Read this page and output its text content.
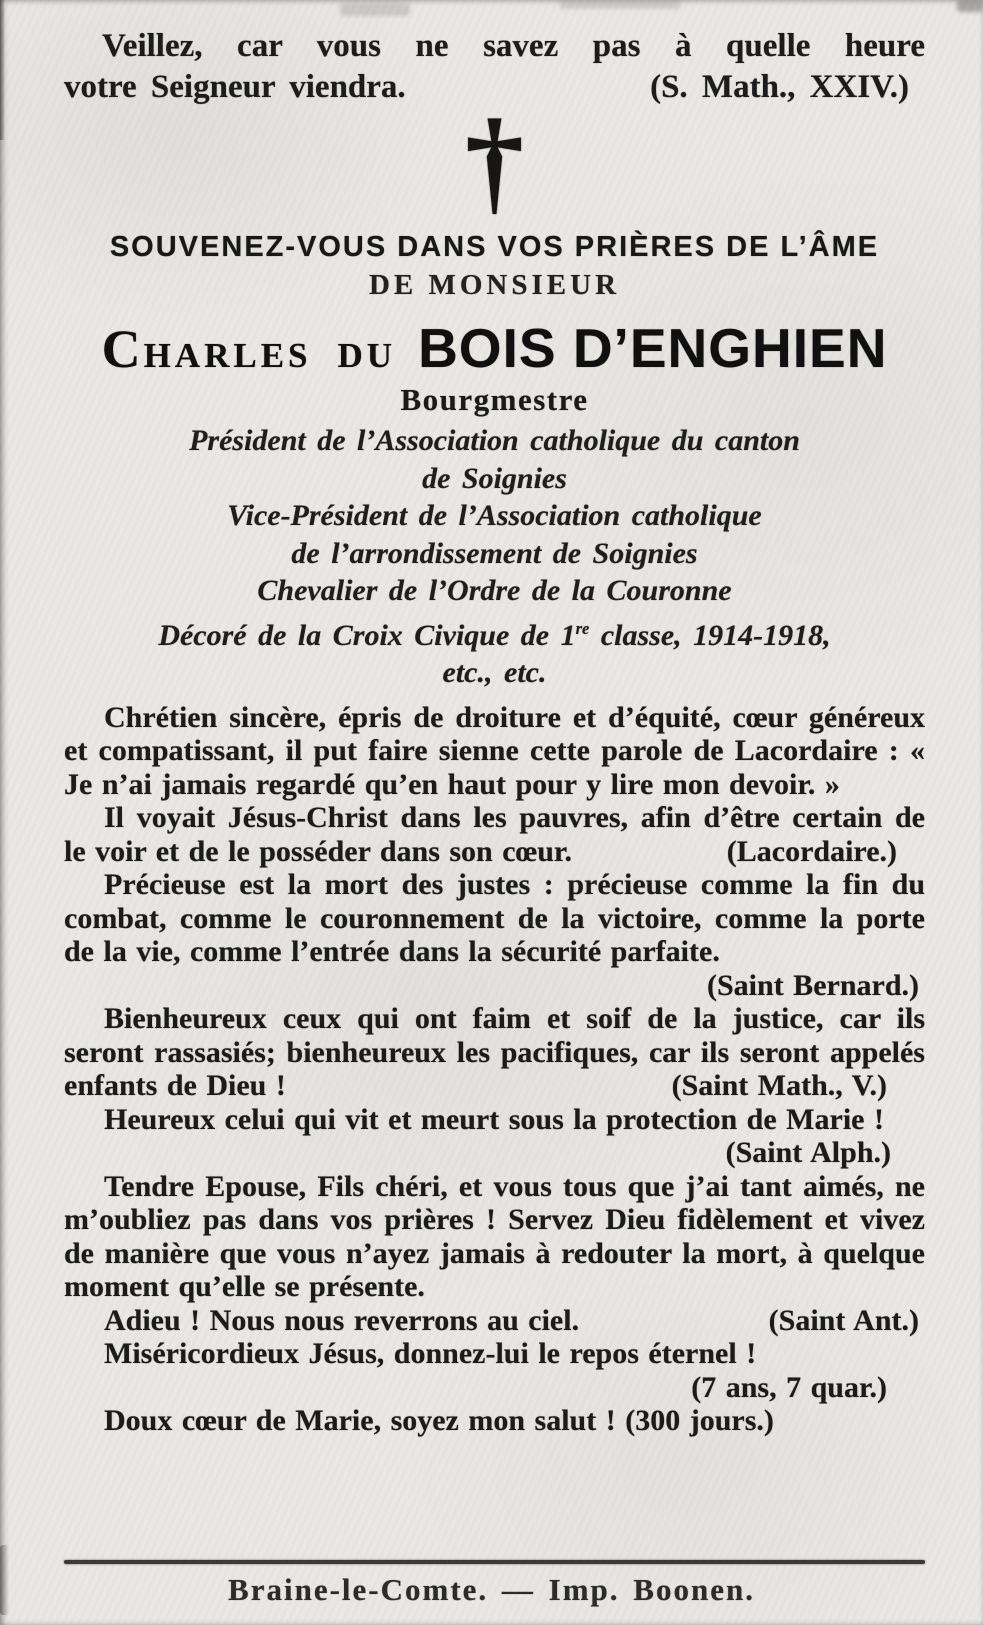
Veillez, car vous ne savez pas à quelle heure
votre Seigneur viendra.	(S. Math., XXIV.)
†
SOUVENEZ-VOUS DANS VOS PRIÈRES DE L’ÂME
DE MONSIEUR
C HARLES DU BOIS D’ENGHIEN
Bourgmestre
Président de l’Association catholique du canton
de Soignies
Vice-Président de l’Association catholique
de l’arrondissement de Soignies
Chevalier de l’Ordre de la Couronne
Décoré de la Croix Civique de 1re classe, 1914-1918,
etc., etc.

Chrétien sincère, épris de droiture et d’équité, cœur généreux et compatissant, il put faire sienne cette parole de Lacordaire : « Je n’ai jamais regardé qu’en haut pour y lire mon devoir. »

Il voyait Jésus-Christ dans les pauvres, afin d’être certain de le voir et de le posséder dans son cœur.	(Lacordaire.)

Précieuse est la mort des justes : précieuse comme la fin du combat, comme le couronnement de la victoire, comme la porte de la vie, comme l’entrée dans la sécurité parfaite.
(Saint Bernard.)

Bienheureux ceux qui ont faim et soif de la justice, car ils seront rassasiés; bienheureux les pacifiques, car ils seront appelés enfants de Dieu !	(Saint Math., V.)

Heureux celui qui vit et meurt sous la protection de Marie !
(Saint Alph.)

Tendre Epouse, Fils chéri, et vous tous que j’ai tant aimés, ne m’oubliez pas dans vos prières ! Servez Dieu fidèlement et vivez de manière que vous n’ayez jamais à redouter la mort, à quelque moment qu’elle se présente.

Adieu ! Nous nous reverrons au ciel.	(Saint Ant.)

Miséricordieux Jésus, donnez-lui le repos éternel !
(7 ans, 7 quar.)

Doux cœur de Marie, soyez mon salut ! (300 jours.)

Braine-le-Comte. — Imp. Boonen.
